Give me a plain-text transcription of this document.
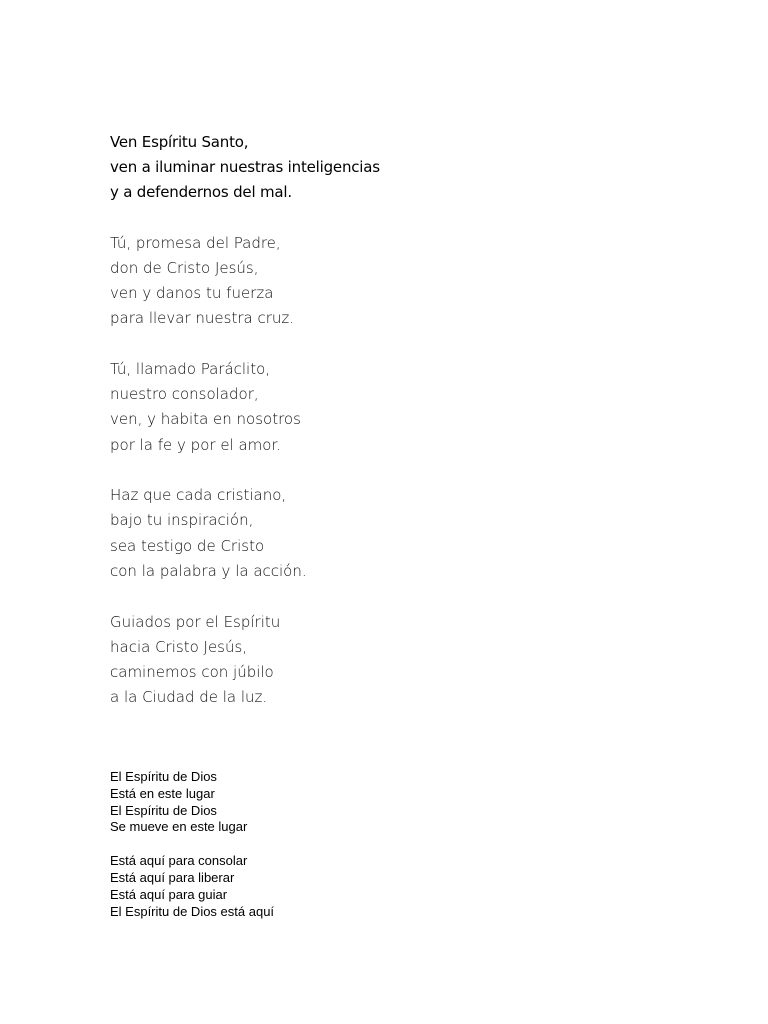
Ven Espíritu Santo,
ven a iluminar nuestras inteligencias
y a defendernos del mal.
Tú, promesa del Padre,
don de Cristo Jesús,
ven y danos tu fuerza
para llevar nuestra cruz.
Tú, llamado Paráclito,
nuestro consolador,
ven, y habita en nosotros
por la fe y por el amor.
Haz que cada cristiano,
bajo tu inspiración,
sea testigo de Cristo
con la palabra y la acción.
Guiados por el Espíritu
hacia Cristo Jesús,
caminemos con júbilo
a la Ciudad de la luz.
El Espíritu de Dios
Está en este lugar
El Espíritu de Dios
Se mueve en este lugar
Está aquí para consolar
Está aquí para liberar
Está aquí para guiar
El Espíritu de Dios está aquí
